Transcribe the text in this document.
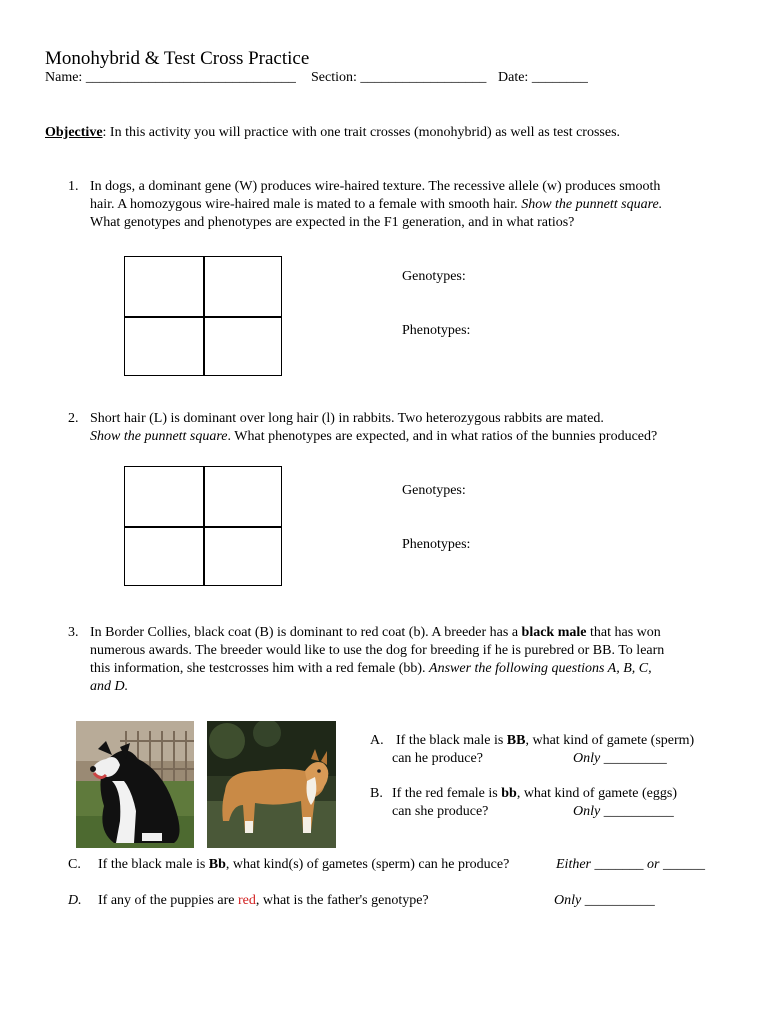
Monohybrid & Test Cross Practice
Name: ______________________________ Section: __________________ Date: ________
Objective: In this activity you will practice with one trait crosses (monohybrid) as well as test crosses.
1. In dogs, a dominant gene (W) produces wire-haired texture. The recessive allele (w) produces smooth
hair. A homozygous wire-haired male is mated to a female with smooth hair. Show the punnett square.
What genotypes and phenotypes are expected in the F1 generation, and in what ratios?
Genotypes:
Phenotypes:
2. Short hair (L) is dominant over long hair (l) in rabbits. Two heterozygous rabbits are mated.
Show the punnett square. What phenotypes are expected, and in what ratios of the bunnies produced?
Genotypes:
Phenotypes:
3. In Border Collies, black coat (B) is dominant to red coat (b). A breeder has a black male that has won
numerous awards. The breeder would like to use the dog for breeding if he is purebred or BB. To learn
this information, she testcrosses him with a red female (bb). Answer the following questions A, B, C,
and D.
A. If the black male is BB, what kind of gamete (sperm)
can he produce?	Only _________
B. If the red female is bb, what kind of gamete (eggs)
can she produce?	Only __________
C. If the black male is Bb, what kind(s) of gametes (sperm) can he produce?	Either _______ or ______
D. If any of the puppies are red, what is the father's genotype?	Only __________
